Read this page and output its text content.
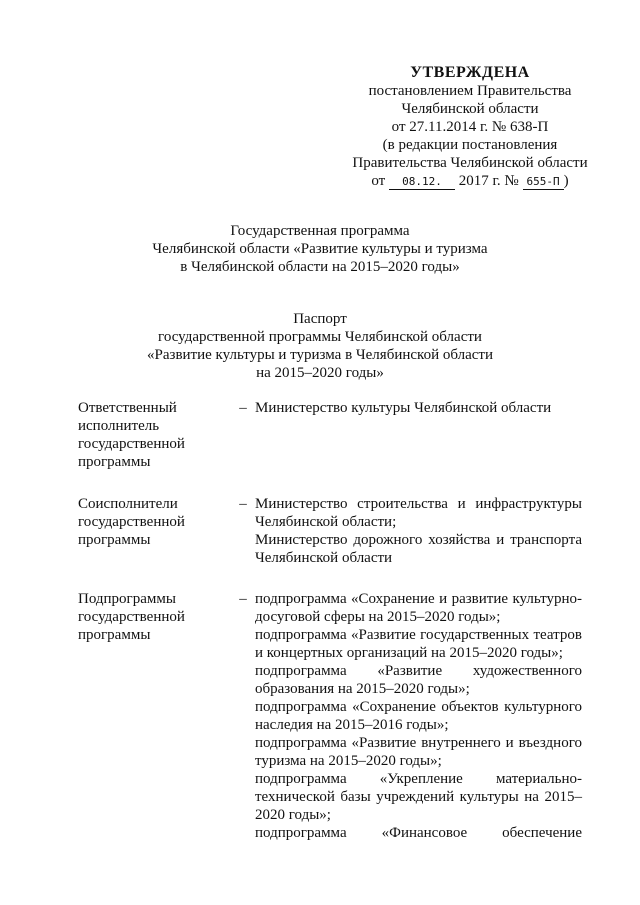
УТВЕРЖДЕНА
постановлением Правительства
Челябинской области
от 27.11.2014 г. № 638-П
(в редакции постановления
Правительства Челябинской области
от 08.12. 2017 г. № 655-П )
Государственная программа
Челябинской области «Развитие культуры и туризма
в Челябинской области на 2015–2020 годы»
Паспорт
государственной программы Челябинской области
«Развитие культуры и туризма в Челябинской области
на 2015–2020 годы»
Ответственный
исполнитель
государственной
программы
– Министерство культуры Челябинской области
Соисполнители
государственной
программы
– Министерство строительства и инфраструктуры Челябинской области;
Министерство дорожного хозяйства и транспорта Челябинской области
Подпрограммы
государственной
программы
– подпрограмма «Сохранение и развитие культурно-досуговой сферы на 2015–2020 годы»;
подпрограмма «Развитие государственных театров и концертных организаций на 2015–2020 годы»;
подпрограмма «Развитие художественного образования на 2015–2020 годы»;
подпрограмма «Сохранение объектов культурного наследия на 2015–2016 годы»;
подпрограмма «Развитие внутреннего и въездного туризма на 2015–2020 годы»;
подпрограмма «Укрепление материально-технической базы учреждений культуры на 2015–2020 годы»;
подпрограмма «Финансовое обеспечение
